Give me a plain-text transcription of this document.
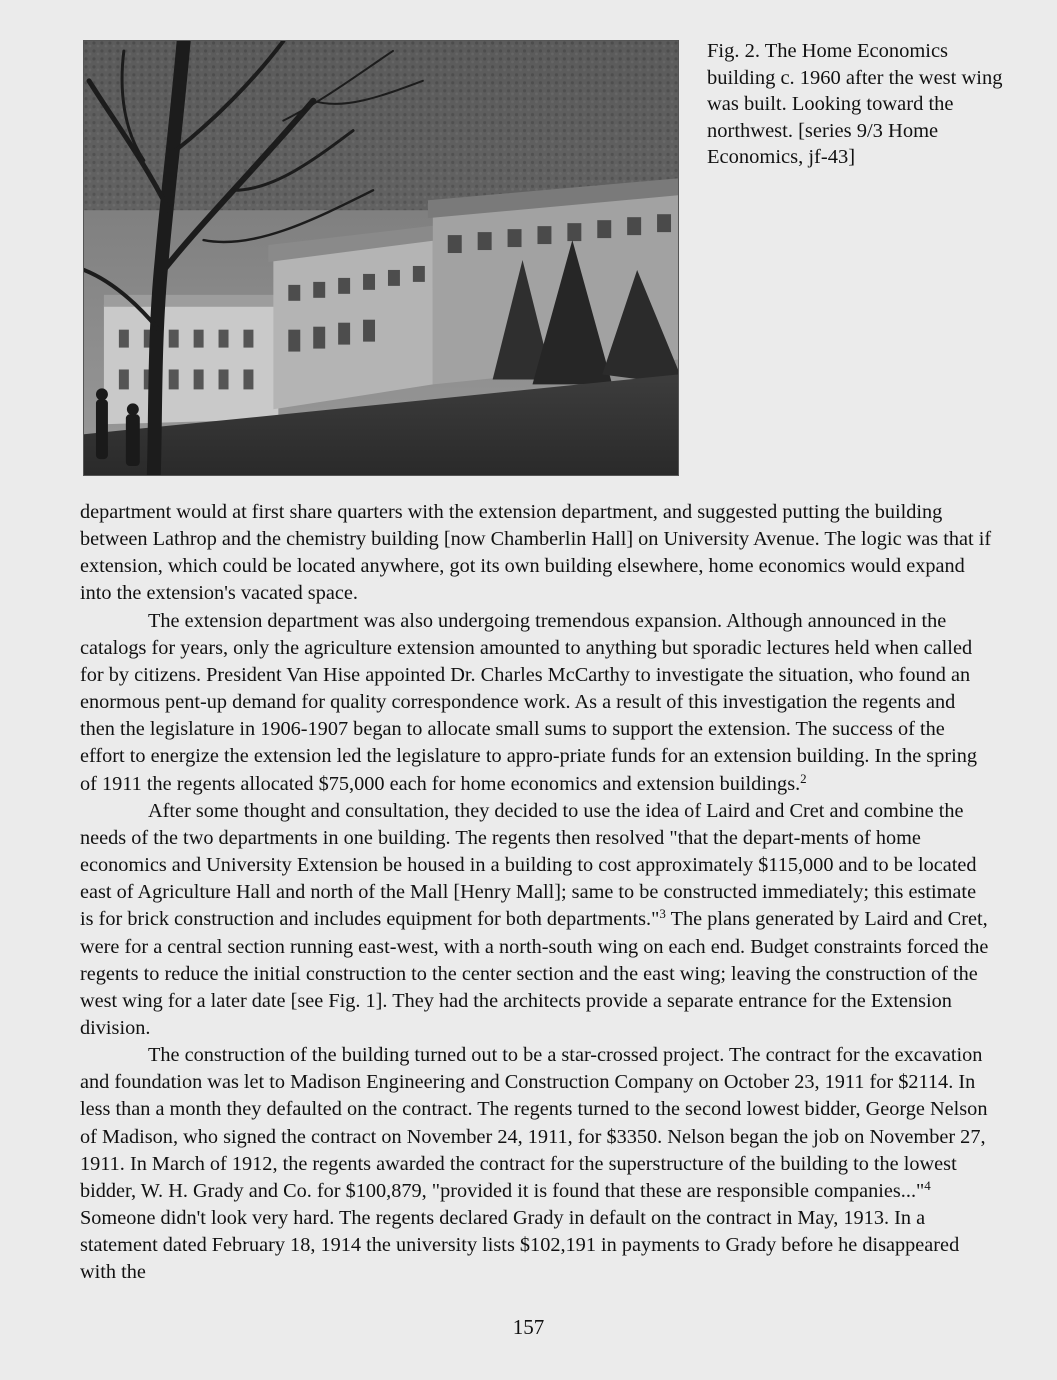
Fig. 2. The Home Economics building c. 1960 after the west wing was built. Looking toward the northwest. [series 9/3 Home Economics, jf-43]

department would at first share quarters with the extension department, and suggested putting the building between Lathrop and the chemistry building [now Chamberlin Hall] on University Avenue. The logic was that if extension, which could be located anywhere, got its own building elsewhere, home economics would expand into the extension's vacated space.

The extension department was also undergoing tremendous expansion. Although announced in the catalogs for years, only the agriculture extension amounted to anything but sporadic lectures held when called for by citizens. President Van Hise appointed Dr. Charles McCarthy to investigate the situation, who found an enormous pent-up demand for quality correspondence work. As a result of this investigation the regents and then the legislature in 1906-1907 began to allocate small sums to support the extension. The success of the effort to energize the extension led the legislature to appro-priate funds for an extension building. In the spring of 1911 the regents allocated $75,000 each for home economics and extension buildings.$^2$

After some thought and consultation, they decided to use the idea of Laird and Cret and combine the needs of the two departments in one building. The regents then resolved "that the depart-ments of home economics and University Extension be housed in a building to cost approximately $115,000 and to be located east of Agriculture Hall and north of the Mall [Henry Mall]; same to be constructed immediately; this estimate is for brick construction and includes equipment for both departments."$^3$ The plans generated by Laird and Cret, were for a central section running east-west, with a north-south wing on each end. Budget constraints forced the regents to reduce the initial construction to the center section and the east wing; leaving the construction of the west wing for a later date [see Fig. 1]. They had the architects provide a separate entrance for the Extension division.

The construction of the building turned out to be a star-crossed project. The contract for the excavation and foundation was let to Madison Engineering and Construction Company on October 23, 1911 for $2114. In less than a month they defaulted on the contract. The regents turned to the second lowest bidder, George Nelson of Madison, who signed the contract on November 24, 1911, for $3350. Nelson began the job on November 27, 1911. In March of 1912, the regents awarded the contract for the superstructure of the building to the lowest bidder, W. H. Grady and Co. for $100,879, "provided it is found that these are responsible companies..."$^4$ Someone didn't look very hard. The regents declared Grady in default on the contract in May, 1913. In a statement dated February 18, 1914 the university lists $102,191 in payments to Grady before he disappeared with the

157
